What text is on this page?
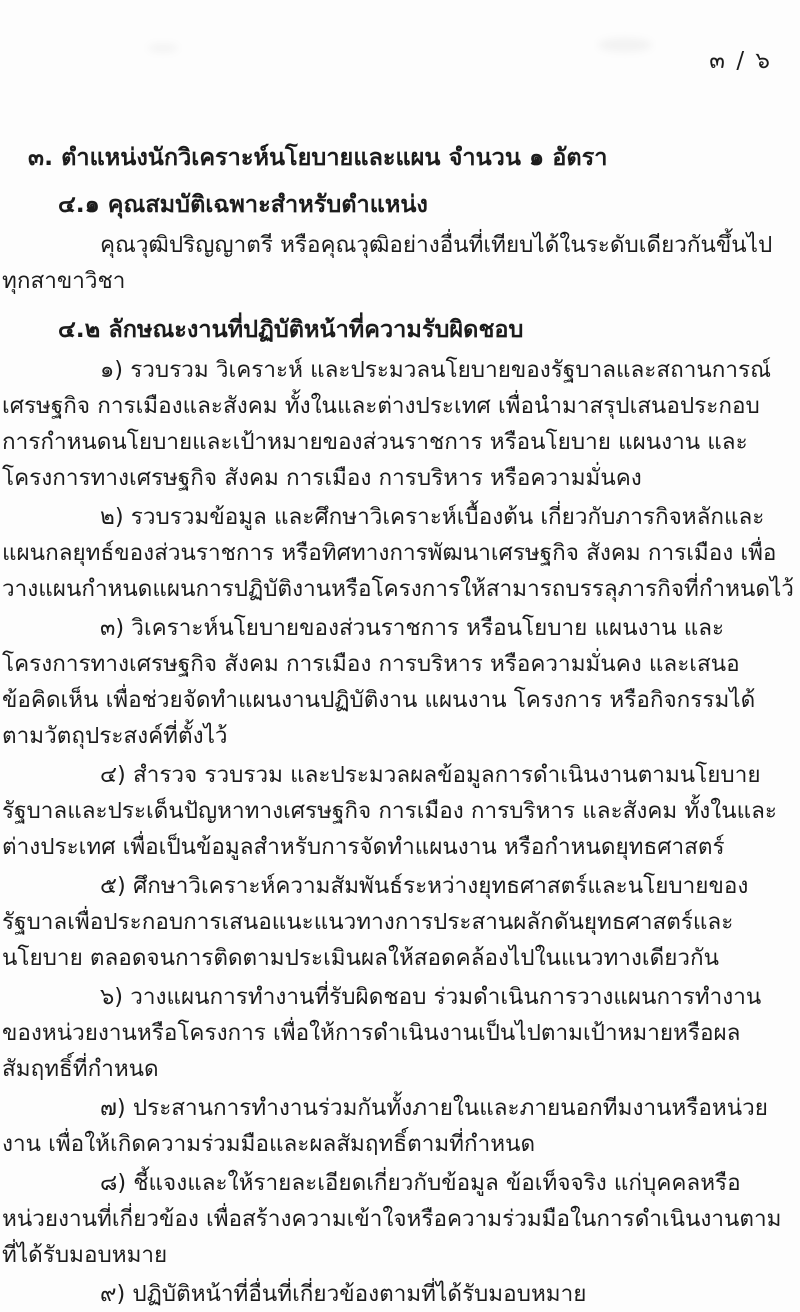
๓ / ๖
๓. ตำแหน่งนักวิเคราะห์นโยบายและแผน จำนวน ๑ อัตรา
๔.๑ คุณสมบัติเฉพาะสำหรับตำแหน่ง

คุณวุฒิปริญญาตรี หรือคุณวุฒิอย่างอื่นที่เทียบได้ในระดับเดียวกันขึ้นไป ทุกสาขาวิชา

๔.๒ ลักษณะงานที่ปฏิบัติหน้าที่ความรับผิดชอบ

๑) รวบรวม วิเคราะห์ และประมวลนโยบายของรัฐบาลและสถานการณ์เศรษฐกิจ การเมืองและสังคม ทั้งในและต่างประเทศ เพื่อนำมาสรุปเสนอประกอบการกำหนดนโยบายและเป้าหมายของส่วนราชการ หรือนโยบาย แผนงาน และโครงการทางเศรษฐกิจ สังคม การเมือง การบริหาร หรือความมั่นคง

๒) รวบรวมข้อมูล และศึกษาวิเคราะห์เบื้องต้น เกี่ยวกับภารกิจหลักและแผนกลยุทธ์ของส่วนราชการ หรือทิศทางการพัฒนาเศรษฐกิจ สังคม การเมือง เพื่อวางแผนกำหนดแผนการปฏิบัติงานหรือโครงการให้สามารถบรรลุภารกิจที่กำหนดไว้

๓) วิเคราะห์นโยบายของส่วนราชการ หรือนโยบาย แผนงาน และโครงการทางเศรษฐกิจ สังคม การเมือง การบริหาร หรือความมั่นคง และเสนอข้อคิดเห็น เพื่อช่วยจัดทำแผนงานปฏิบัติงาน แผนงาน โครงการ หรือกิจกรรมได้ตามวัตถุประสงค์ที่ตั้งไว้

๔) สำรวจ รวบรวม และประมวลผลข้อมูลการดำเนินงานตามนโยบายรัฐบาลและประเด็นปัญหาทางเศรษฐกิจ การเมือง การบริหาร และสังคม ทั้งในและต่างประเทศ เพื่อเป็นข้อมูลสำหรับการจัดทำแผนงาน หรือกำหนดยุทธศาสตร์

๕) ศึกษาวิเคราะห์ความสัมพันธ์ระหว่างยุทธศาสตร์และนโยบายของรัฐบาลเพื่อประกอบการเสนอแนะแนวทางการประสานผลักดันยุทธศาสตร์และนโยบาย ตลอดจนการติดตามประเมินผลให้สอดคล้องไปในแนวทางเดียวกัน

๖) วางแผนการทำงานที่รับผิดชอบ ร่วมดำเนินการวางแผนการทำงานของหน่วยงานหรือโครงการ เพื่อให้การดำเนินงานเป็นไปตามเป้าหมายหรือผลสัมฤทธิ์ที่กำหนด

๗) ประสานการทำงานร่วมกันทั้งภายในและภายนอกทีมงานหรือหน่วยงาน เพื่อให้เกิดความร่วมมือและผลสัมฤทธิ์ตามที่กำหนด

๘) ชี้แจงและให้รายละเอียดเกี่ยวกับข้อมูล ข้อเท็จจริง แก่บุคคลหรือหน่วยงานที่เกี่ยวข้อง เพื่อสร้างความเข้าใจหรือความร่วมมือในการดำเนินงานตามที่ได้รับมอบหมาย

๙) ปฏิบัติหน้าที่อื่นที่เกี่ยวข้องตามที่ได้รับมอบหมาย
